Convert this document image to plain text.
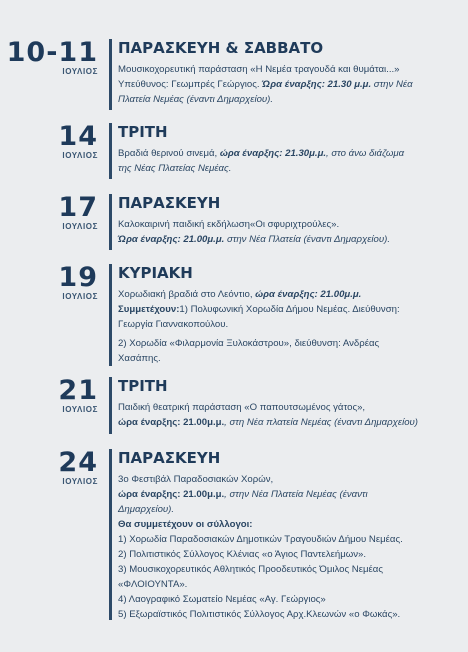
10-11
ΙΟΥΛΙΟΣ
ΠΑΡΑΣΚΕΥΗ & ΣΑΒΒΑΤΟ
Μουσικοχορευτική παράσταση «Η Νεμέα τραγουδά και θυμάται...»
Υπεύθυνος: Γεωμπρές Γεώργιος. Ώρα έναρξης: 21.30 μ.μ. στην Νέα
Πλατεία Νεμέας (έναντι Δημαρχείου).
14
ΙΟΥΛΙΟΣ
ΤΡΙΤΗ
Βραδιά θερινού σινεμά, ώρα έναρξης: 21.30μ.μ., στο άνω διάζωμα
της Νέας Πλατείας Νεμέας.
17
ΙΟΥΛΙΟΣ
ΠΑΡΑΣΚΕΥΗ
Καλοκαιρινή παιδική εκδήλωση«Οι σφυριχτρούλες».
Ώρα έναρξης: 21.00μ.μ. στην Νέα Πλατεία (έναντι Δημαρχείου).
19
ΙΟΥΛΙΟΣ
ΚΥΡΙΑΚΗ
Χορωδιακή βραδιά στο Λεόντιο, ώρα έναρξης: 21.00μ.μ.
Συμμετέχουν:1) Πολυφωνική Χορωδία Δήμου Νεμέας. Διεύθυνση:
Γεωργία Γιαννακοπούλου.
2) Χορωδία «Φιλαρμονία Ξυλοκάστρου», διεύθυνση: Ανδρέας
Χασάπης.
21
ΙΟΥΛΙΟΣ
ΤΡΙΤΗ
Παιδική θεατρική παράσταση «Ο παπουτσωμένος γάτος»,
ώρα έναρξης: 21.00μ.μ., στη Νέα πλατεία Νεμέας (έναντι Δημαρχείου)
24
ΙΟΥΛΙΟΣ
ΠΑΡΑΣΚΕΥΗ
3ο Φεστιβάλ Παραδοσιακών Χορών,
ώρα έναρξης: 21.00μ.μ., στην Νέα Πλατεία Νεμέας (έναντι
Δημαρχείου).
Θα συμμετέχουν οι σύλλογοι:
1) Χορωδία Παραδοσιακών Δημοτικών Τραγουδιών Δήμου Νεμέας.
2) Πολιτιστικός Σύλλογος Κλένιας «ο Άγιος Παντελεήμων».
3) Μουσικοχορευτικός Αθλητικός Προοδευτικός Όμιλος Νεμέας
«ΦΛΟΙΟΥΝΤΑ».
4) Λαογραφικό Σωματείο Νεμέας «Αγ. Γεώργιος»
5) Εξωραϊστικός Πολιτιστικός Σύλλογος Αρχ.Κλεωνών «ο Φωκάς».
